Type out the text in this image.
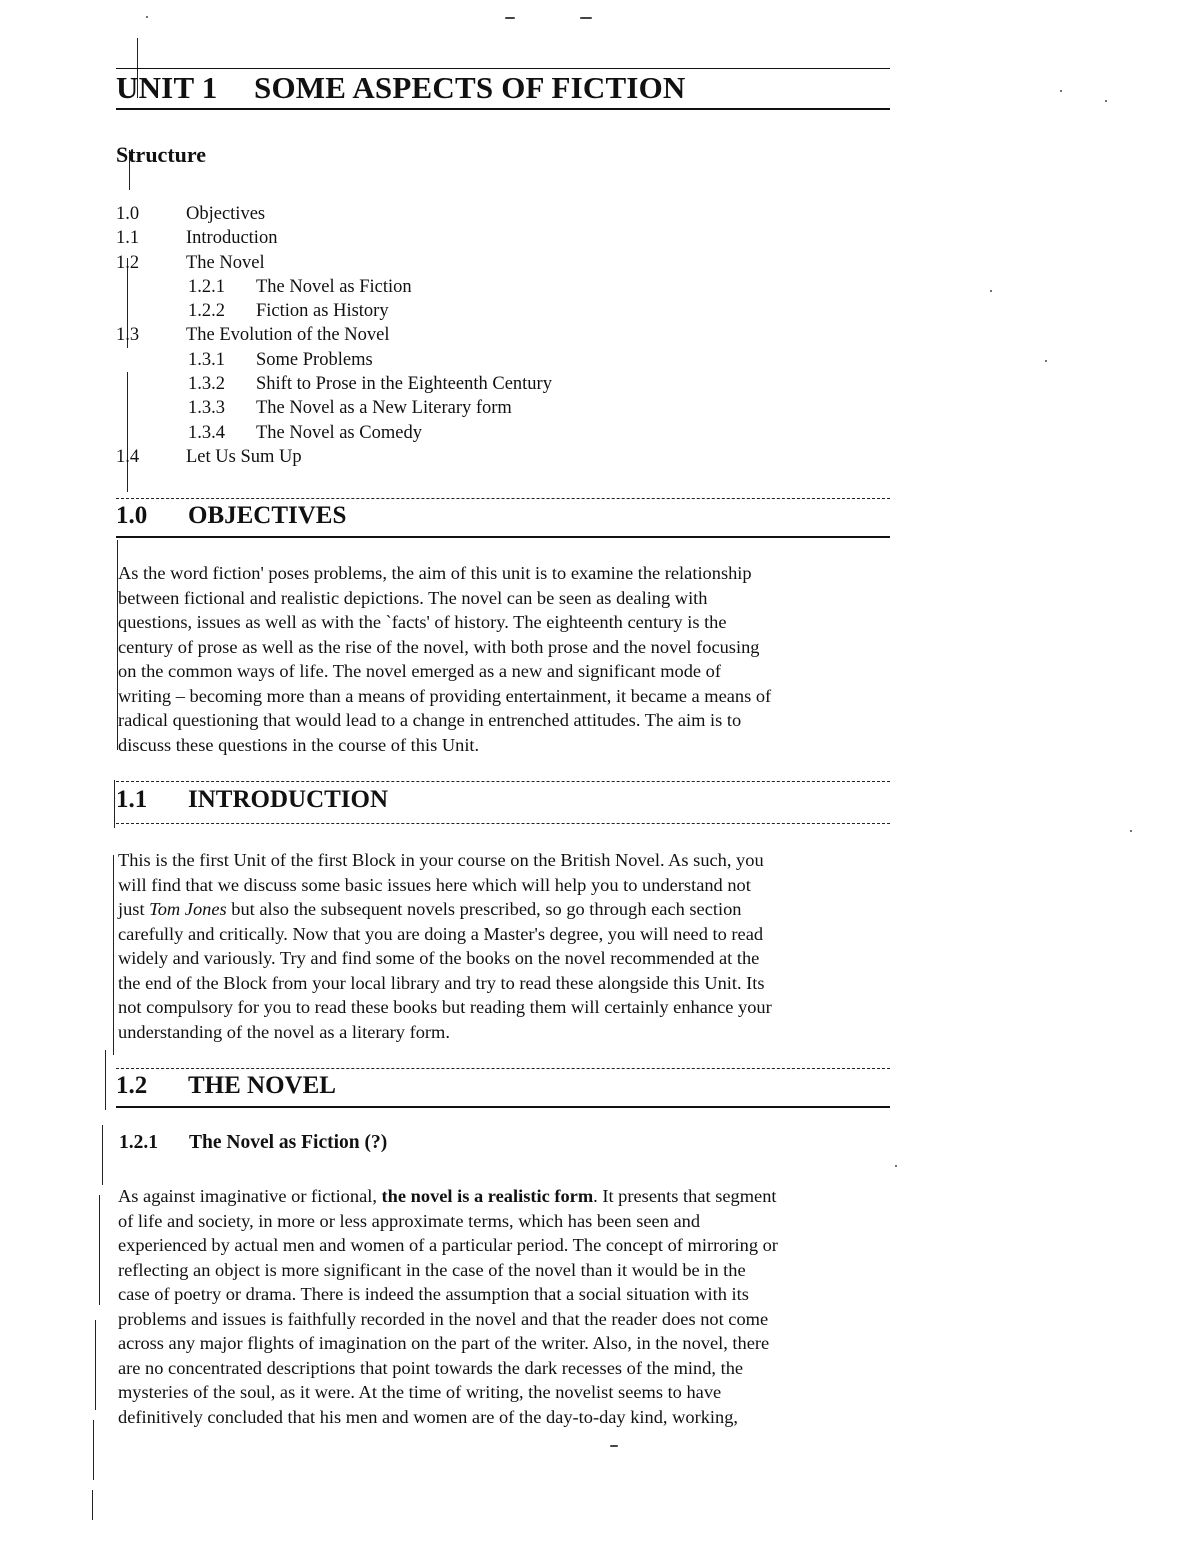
UNIT 1 SOME ASPECTS OF FICTION
Structure
1.0	Objectives
1.1	Introduction
1.2	The Novel
1.2.1 The Novel as Fiction
1.2.2 Fiction as History
1.3	The Evolution of the Novel
1.3.1 Some Problems
1.3.2 Shift to Prose in the Eighteenth Century
1.3.3 The Novel as a New Literary form
1.3.4 The Novel as Comedy
1.4	Let Us Sum Up
1.0 OBJECTIVES
As the word fiction' poses problems, the aim of this unit is to examine the relationship
between fictional and realistic depictions. The novel can be seen as dealing with
questions, issues as well as with the `facts' of history. The eighteenth century is the
century of prose as well as the rise of the novel, with both prose and the novel focusing
on the common ways of life. The novel emerged as a new and significant mode of
writing – becoming more than a means of providing entertainment, it became a means of
radical questioning that would lead to a change in entrenched attitudes. The aim is to
discuss these questions in the course of this Unit.
1.1 INTRODUCTION
This is the first Unit of the first Block in your course on the British Novel. As such, you
will find that we discuss some basic issues here which will help you to understand not
just Tom Jones but also the subsequent novels prescribed, so go through each section
carefully and critically. Now that you are doing a Master's degree, you will need to read
widely and variously. Try and find some of the books on the novel recommended at the
the end of the Block from your local library and try to read these alongside this Unit. Its
not compulsory for you to read these books but reading them will certainly enhance your
understanding of the novel as a literary form.
1.2 THE NOVEL
1.2.1 The Novel as Fiction (?)
As against imaginative or fictional, the novel is a realistic form. It presents that segment
of life and society, in more or less approximate terms, which has been seen and
experienced by actual men and women of a particular period. The concept of mirroring or
reflecting an object is more significant in the case of the novel than it would be in the
case of poetry or drama. There is indeed the assumption that a social situation with its
problems and issues is faithfully recorded in the novel and that the reader does not come
across any major flights of imagination on the part of the writer. Also, in the novel, there
are no concentrated descriptions that point towards the dark recesses of the mind, the
mysteries of the soul, as it were. At the time of writing, the novelist seems to have
definitively concluded that his men and women are of the day-to-day kind, working,
